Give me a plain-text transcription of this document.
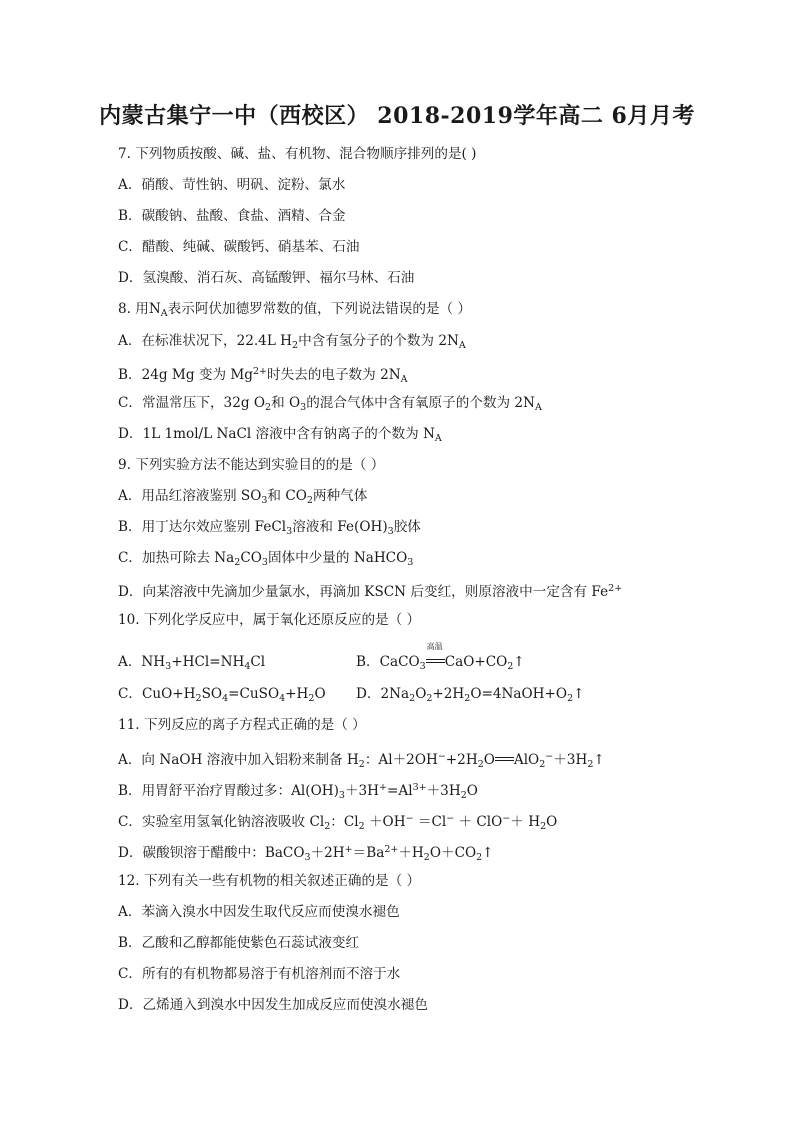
内蒙古集宁一中（西校区） 2018-2019学年高二 6月月考
7. 下列物质按酸、碱、盐、有机物、混合物顺序排列的是( )
A．硝酸、苛性钠、明矾、淀粉、氯水
B．碳酸钠、盐酸、食盐、酒精、合金
C．醋酸、纯碱、碳酸钙、硝基苯、石油
D．氢溴酸、消石灰、高锰酸钾、福尔马林、石油
8. 用$N_A$表示阿伏加德罗常数的值，下列说法错误的是（ ）
A．在标准状况下，22.4L $H_2$中含有氢分子的个数为 $2N_A$
B．24g Mg 变为 $Mg^{2+}$时失去的电子数为 $2N_A$
C．常温常压下，32g $O_2$和 $O_3$的混合气体中含有氧原子的个数为 $2N_A$
D．1L 1mol/L NaCl 溶液中含有钠离子的个数为 $N_A$
9. 下列实验方法不能达到实验目的的是（ ）
A．用品红溶液鉴别 $SO_3$和 $CO_2$两种气体
B．用丁达尔效应鉴别 FeCl$_3$溶液和 $Fe(OH)_3$胶体
C．加热可除去 $Na_2CO_3$固体中少量的 NaHCO$_3$
D．向某溶液中先滴加少量氯水，再滴加 KSCN 后变红，则原溶液中一定含有 $Fe^{2+}$
10. 下列化学反应中，属于氧化还原反应的是（ ）
A．$NH_3+HCl=NH_4Cl$	B．CaCO$_3$
高温
$CaO+CO_2↑$
C．$CuO+H_2SO_4=CuSO_4+H_2O$ D．$2Na_2O_2+2H_2O=4NaOH+O_2↑$
11. 下列反应的离子方程式正确的是（ ）
A．向 NaOH 溶液中加入铝粉来制备 $H_2$：$Al+2OH^-+2H_2O$ $AlO_2^-+3H_2↑$
B．用胃舒平治疗胃酸过多：$Al(OH)_3+3H^+=Al^{3+}+3H_2O$
C．实验室用氢氧化钠溶液吸收 $Cl_2$：$Cl_2 +OH^- =Cl^- + ClO^-+ H_2O$
D．碳酸钡溶于醋酸中：$BaCO_3+2H^+=Ba^{2+}+H_2O+CO_2↑$
12. 下列有关一些有机物的相关叙述正确的是（ ）
A．苯滴入溴水中因发生取代反应而使溴水褪色
B．乙酸和乙醇都能使紫色石蕊试液变红
C．所有的有机物都易溶于有机溶剂而不溶于水
D．乙烯通入到溴水中因发生加成反应而使溴水褪色
